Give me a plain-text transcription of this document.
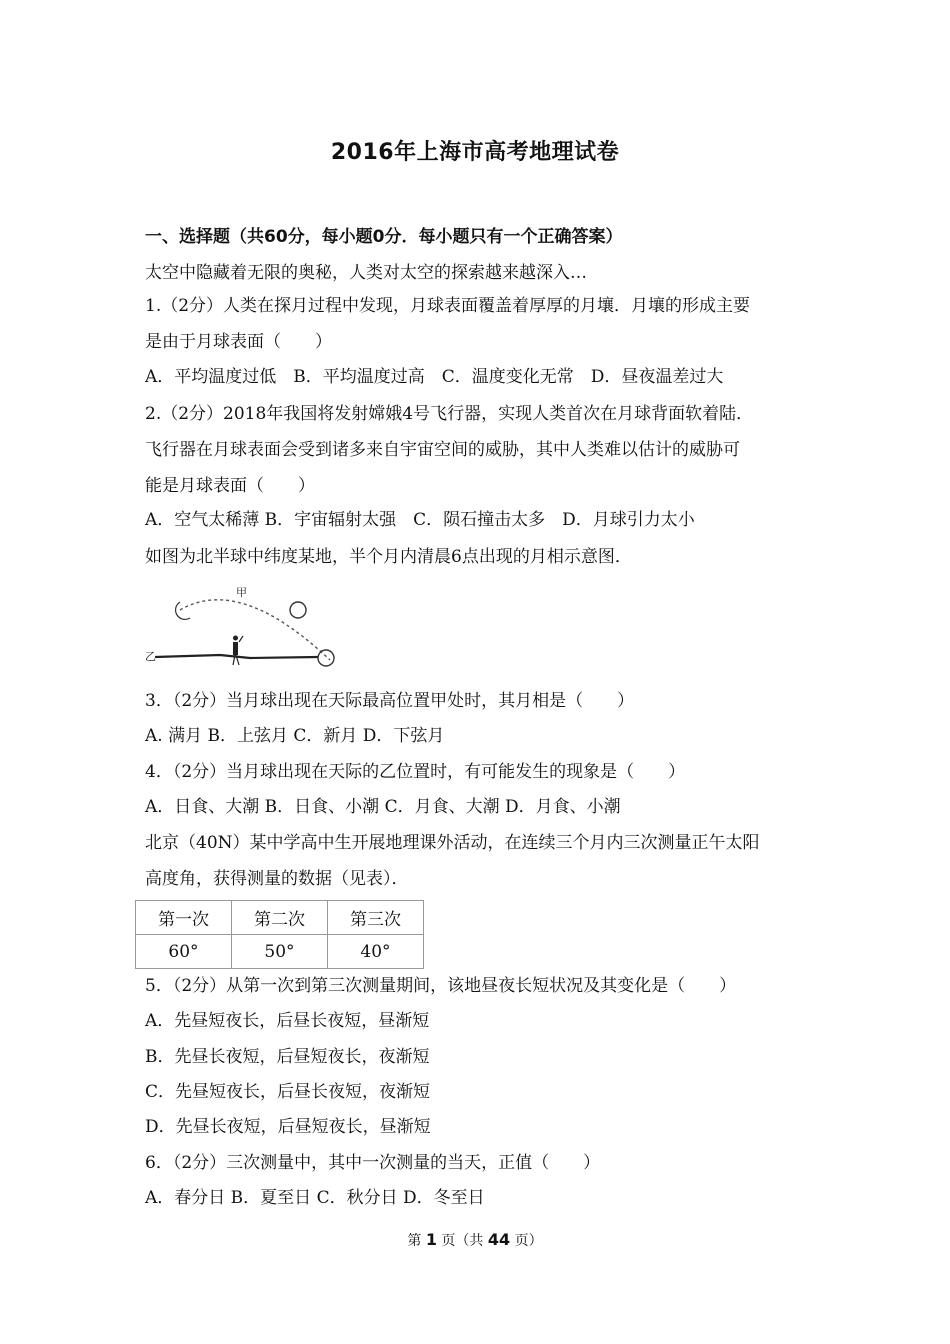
2016年上海市高考地理试卷
一、选择题（共60分，每小题0分．每小题只有一个正确答案）
太空中隐藏着无限的奥秘，人类对太空的探索越来越深入…
1.（2分）人类在探月过程中发现，月球表面覆盖着厚厚的月壤．月壤的形成主要
是由于月球表面（　　）
A．平均温度过低　B．平均温度过高　C．温度变化无常　D．昼夜温差过大
2.（2分）2018年我国将发射嫦娥4号飞行器，实现人类首次在月球背面软着陆．
飞行器在月球表面会受到诸多来自宇宙空间的威胁，其中人类难以估计的威胁可
能是月球表面（　　）
A．空气太稀薄 B．宇宙辐射太强　C．陨石撞击太多　D．月球引力太小
如图为北半球中纬度某地，半个月内清晨6点出现的月相示意图．
甲
乙
3．（2分）当月球出现在天际最高位置甲处时，其月相是（　　）
A. 满月 B．上弦月 C．新月 D．下弦月
4．（2分）当月球出现在天际的乙位置时，有可能发生的现象是（　　）
A．日食、大潮 B．日食、小潮 C．月食、大潮 D．月食、小潮
北京（40N）某中学高中生开展地理课外活动，在连续三个月内三次测量正午太阳
高度角，获得测量的数据（见表）．
第一次	第二次	第三次
60°	50°	40°
5．（2分）从第一次到第三次测量期间，该地昼夜长短状况及其变化是（　　）
A．先昼短夜长，后昼长夜短，昼渐短
B．先昼长夜短，后昼短夜长，夜渐短
C．先昼短夜长，后昼长夜短，夜渐短
D．先昼长夜短，后昼短夜长，昼渐短
6．（2分）三次测量中，其中一次测量的当天，正值（　　）
A．春分日 B．夏至日 C．秋分日 D．冬至日
第 1 页（共 44 页）
